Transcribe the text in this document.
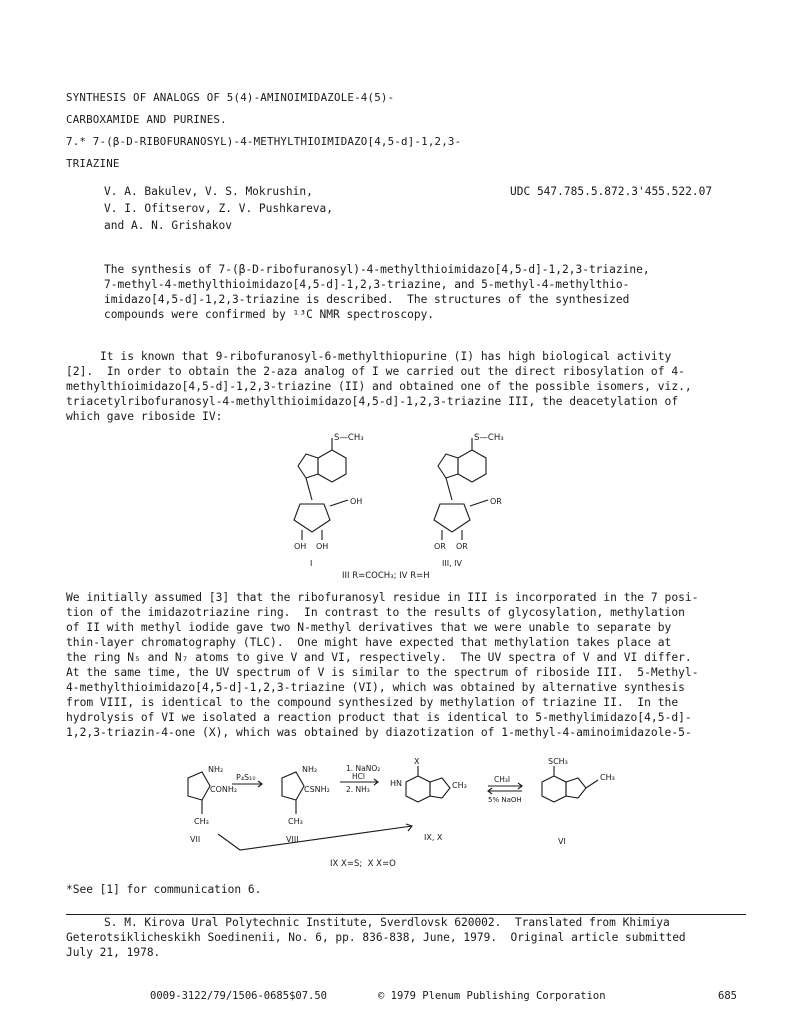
SYNTHESIS OF ANALOGS OF 5(4)-AMINOIMIDAZOLE-4(5)-
CARBOXAMIDE AND PURINES.
7.* 7-(β-D-RIBOFURANOSYL)-4-METHYLTHIOIMIDAZO[4,5-d]-1,2,3-
TRIAZINE
V. A. Bakulev, V. S. Mokrushin,
V. I. Ofitserov, Z. V. Pushkareva,
and A. N. Grishakov
UDC 547.785.5.872.3'455.522.07
The synthesis of 7-(β-D-ribofuranosyl)-4-methylthioimidazo[4,5-d]-1,2,3-triazine,
7-methyl-4-methylthioimidazo[4,5-d]-1,2,3-triazine, and 5-methyl-4-methylthio-
imidazo[4,5-d]-1,2,3-triazine is described.  The structures of the synthesized
compounds were confirmed by ¹³C NMR spectroscopy.
It is known that 9-ribofuranosyl-6-methylthiopurine (I) has high biological activity
[2].  In order to obtain the 2-aza analog of I we carried out the direct ribosylation of 4-
methylthioimidazo[4,5-d]-1,2,3-triazine (II) and obtained one of the possible isomers, viz.,
triacetylribofuranosyl-4-methylthioimidazo[4,5-d]-1,2,3-triazine III, the deacetylation of
which gave riboside IV:
S—CH₃
OH
OH OH
I
S—CH₃
OR
OR OR
III, IV
III R=COCH₃; IV R=H
We initially assumed [3] that the ribofuranosyl residue in III is incorporated in the 7 posi-
tion of the imidazotriazine ring.  In contrast to the results of glycosylation, methylation
of II with methyl iodide gave two N-methyl derivatives that we were unable to separate by
thin-layer chromatography (TLC).  One might have expected that methylation takes place at
the ring N₅ and N₇ atoms to give V and VI, respectively.  The UV spectra of V and VI differ.
At the same time, the UV spectrum of V is similar to the spectrum of riboside III.  5-Methyl-
4-methylthioimidazo[4,5-d]-1,2,3-triazine (VI), which was obtained by alternative synthesis
from VIII, is identical to the compound synthesized by methylation of triazine II.  In the
hydrolysis of VI we isolated a reaction product that is identical to 5-methylimidazo[4,5-d]-
1,2,3-triazin-4-one (X), which was obtained by diazotization of 1-methyl-4-aminoimidazole-5-
NH₂
CONH₂
CH₃
VII
P₄S₁₀
NH₂
CSNH₂
CH₃
VIII
1. NaNO₂
HCl
2. NH₃
X
HN	CH₃
IX, X
CH₃I
5% NaOH
SCH₃
CH₃
VI
IX X=S;  X X=O
*See [1] for communication 6.
S. M. Kirova Ural Polytechnic Institute, Sverdlovsk 620002.  Translated from Khimiya
Geterotsiklicheskikh Soedinenii, No. 6, pp. 836-838, June, 1979.  Original article submitted
July 21, 1978.
0009-3122/79/1506-0685$07.50	© 1979 Plenum Publishing Corporation	685
